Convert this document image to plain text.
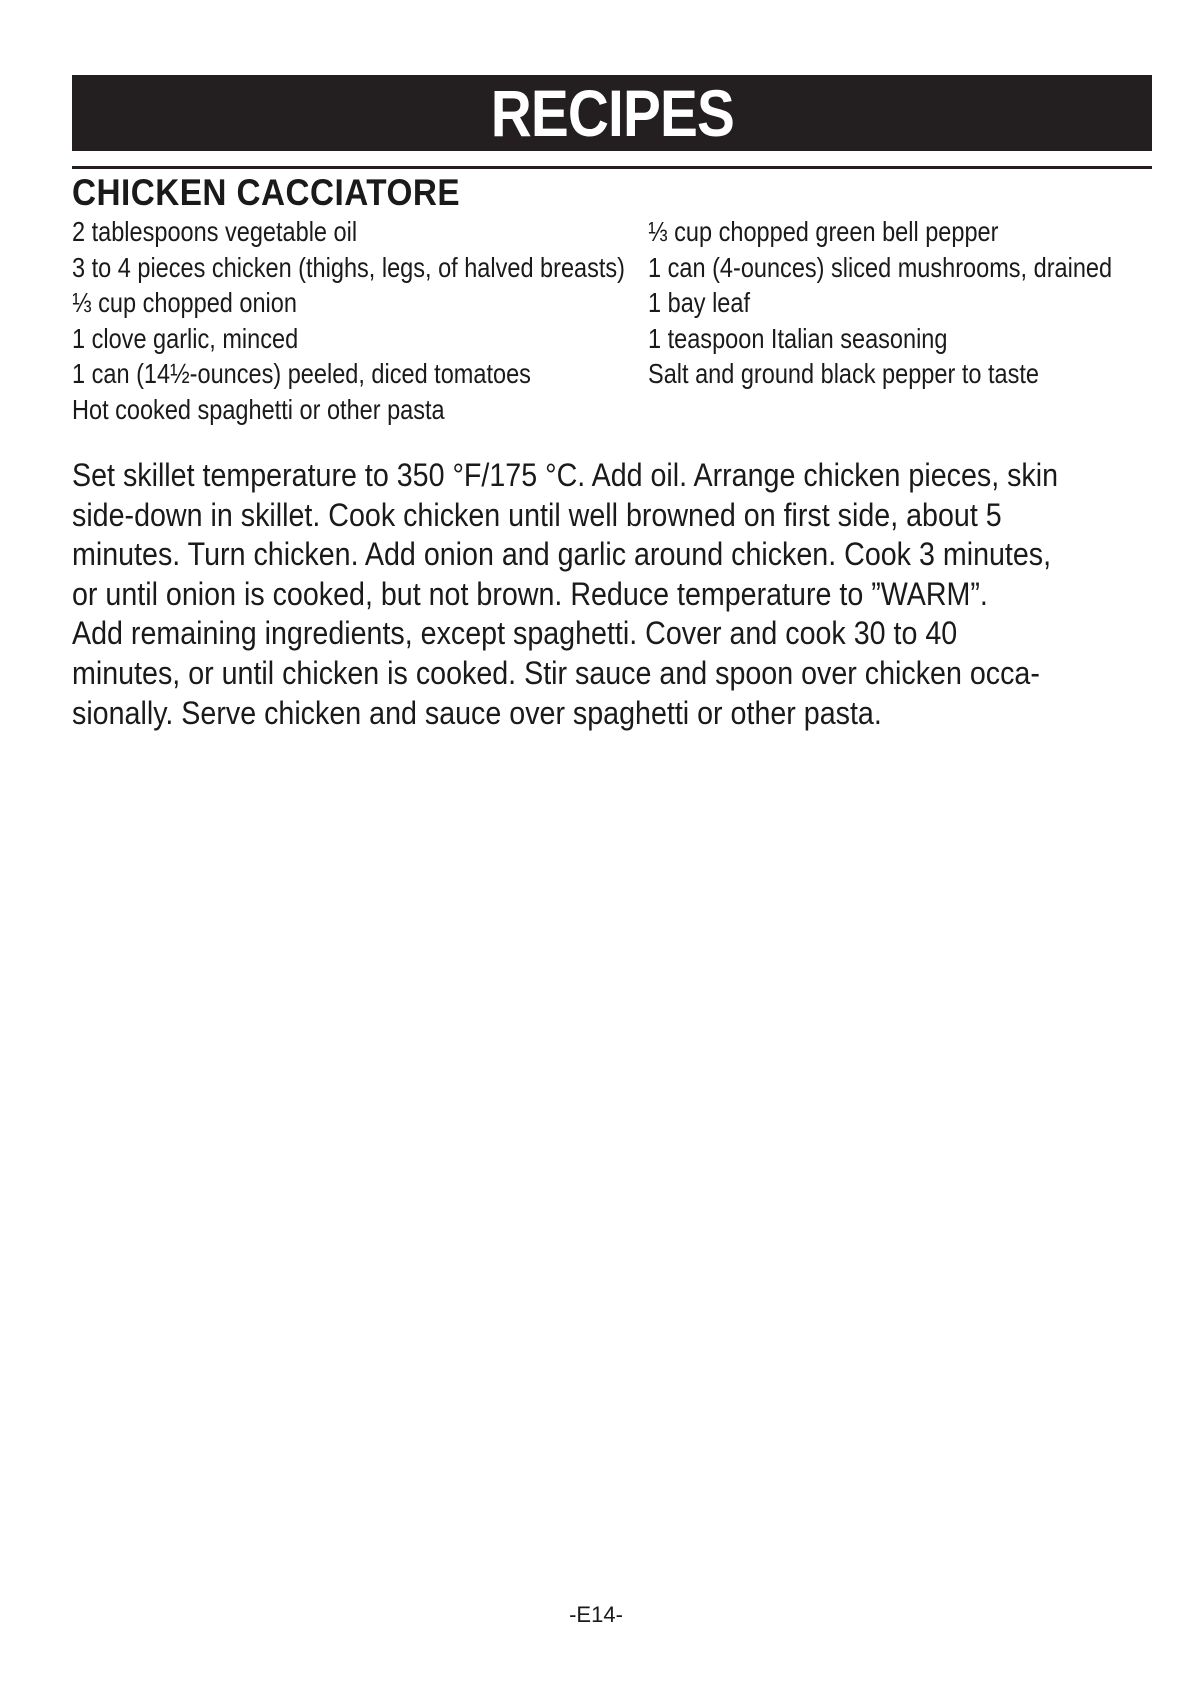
RECIPES
CHICKEN CACCIATORE
2 tablespoons vegetable oil
3 to 4 pieces chicken (thighs, legs, of halved breasts)
⅓ cup chopped onion
1 clove garlic, minced
1 can (14½-ounces) peeled, diced tomatoes
Hot cooked spaghetti or other pasta
⅓ cup chopped green bell pepper
1 can (4-ounces) sliced mushrooms, drained
1 bay leaf
1 teaspoon Italian seasoning
Salt and ground black pepper to taste

Set skillet temperature to 350 °F/175 °C. Add oil. Arrange chicken pieces, skin
side-down in skillet. Cook chicken until well browned on first side, about 5
minutes. Turn chicken. Add onion and garlic around chicken. Cook 3 minutes,
or until onion is cooked, but not brown. Reduce temperature to ”WARM”.
Add remaining ingredients, except spaghetti. Cover and cook 30 to 40
minutes, or until chicken is cooked. Stir sauce and spoon over chicken occa-
sionally. Serve chicken and sauce over spaghetti or other pasta.

-E14-
